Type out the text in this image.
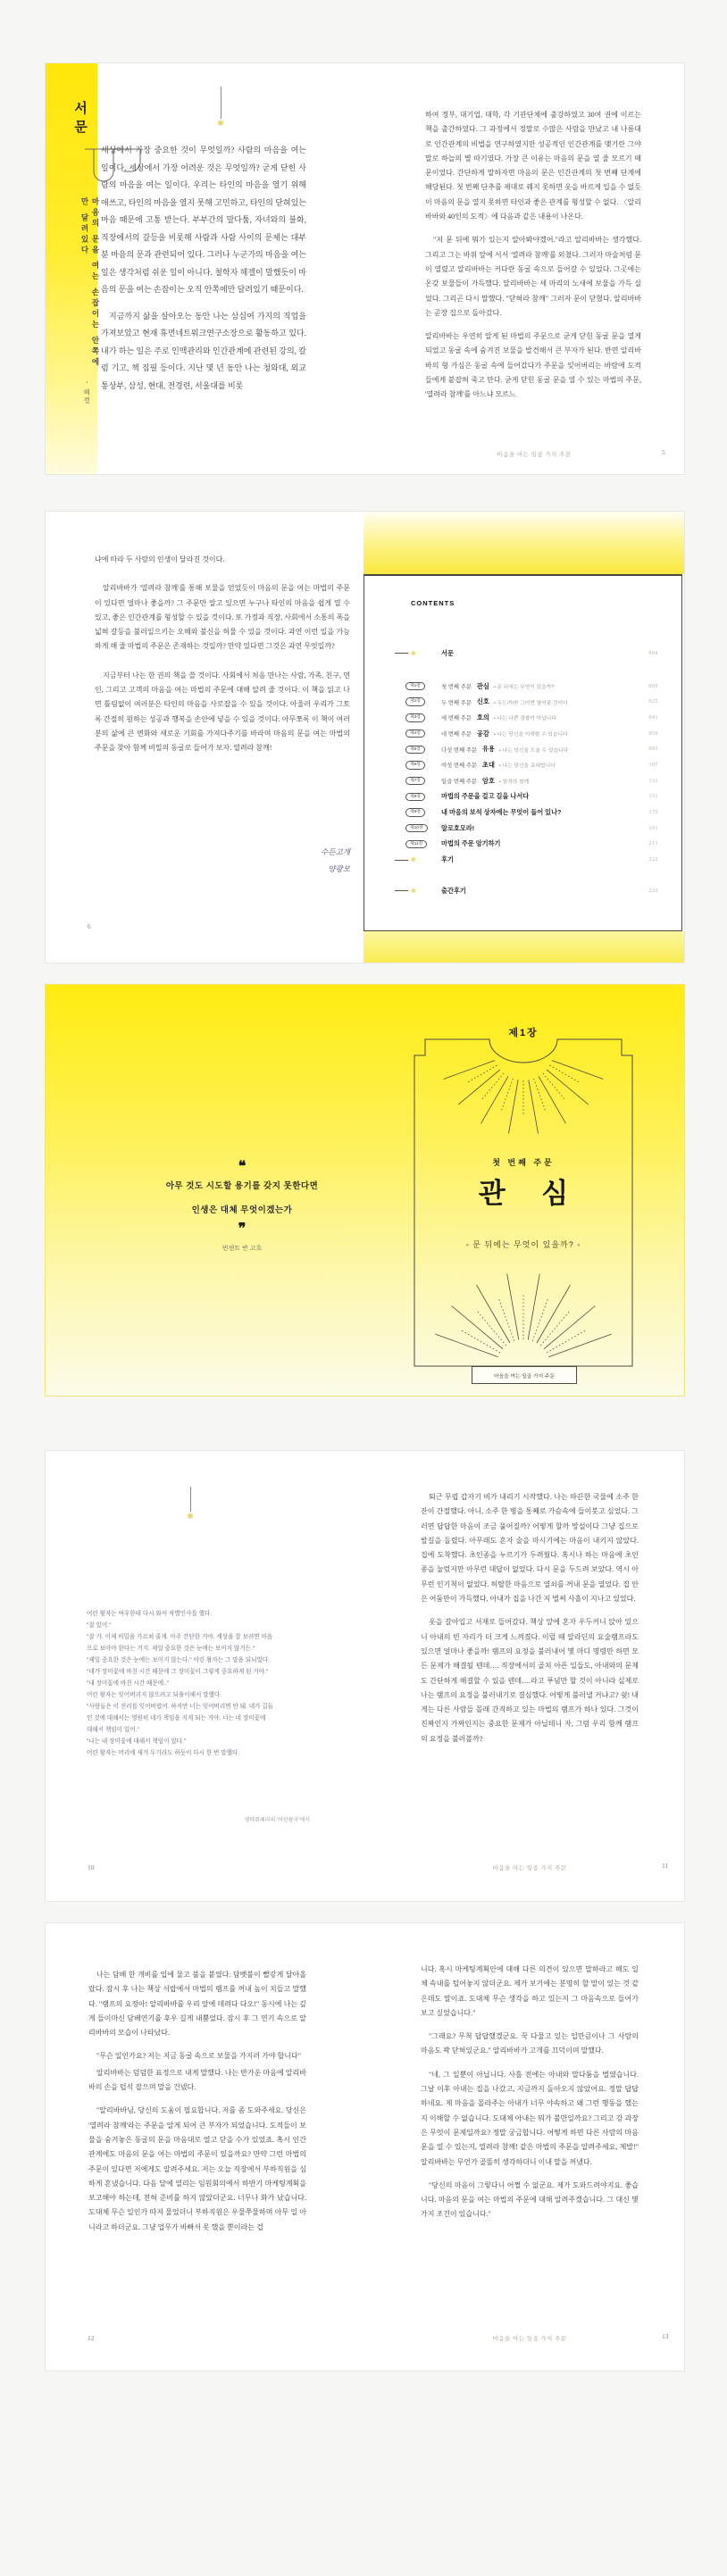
서문
마음의 문을 여는 손잡이는 안쪽에만 달려있다
- 헤겔
❋

세상에서 가장 중요한 것이 무엇일까? 사람의 마음을 여는 일이다. 세상에서 가장 어려운 것은 무엇일까? 굳게 닫힌 사람의 마음을 여는 일이다. 우리는 타인의 마음을 열기 위해 애쓰고, 타인의 마음을 열지 못해 고민하고, 타인의 닫혀있는 마음 때문에 고통 받는다. 부부간의 말다툼, 자녀와의 불화, 직장에서의 갈등을 비롯해 사람과 사람 사이의 문제는 대부분 마음의 문과 관련되어 있다. 그러나 누군가의 마음을 여는 일은 생각처럼 쉬운 일이 아니다. 철학자 헤겔이 말했듯이 마음의 문을 여는 손잡이는 오직 안쪽에만 달려있기 때문이다.

지금까지 삶을 살아오는 동안 나는 삼십여 가지의 직업을 가져보았고 현재 휴먼네트워크연구소장으로 활동하고 있다. 내가 하는 일은 주로 인맥관리와 인간관계에 관련된 강의, 칼럼 기고, 책 집필 등이다. 지난 몇 년 동안 나는 청와대, 외교통상부, 삼성, 현대, 전경련, 서울대를 비롯

하여 정부, 대기업, 대학, 각 기관단체에 출강하였고 30여 권에 이르는 책을 출간하였다. 그 과정에서 정말로 수많은 사람을 만났고 내 나름대로 인간관계의 비법을 연구하였지만 성공적인 인간관계를 맺기란 그야말로 하늘의 별 따기였다. 가장 큰 이유는 마음의 문을 열 줄 모르기 때문이었다. 간단하게 말하자면 마음의 문은 인간관계의 첫 번째 단계에 해당된다. 첫 번째 단추를 제대로 꿰지 못하면 옷을 바르게 입을 수 없듯이 마음의 문을 열지 못하면 타인과 좋은 관계를 형성할 수 없다. 〈알리바바와 40인의 도적〉에 다음과 같은 내용이 나온다.

"저 문 뒤에 뭐가 있는지 알아봐야겠어."라고 알리바바는 생각했다. 그리고 그는 바위 앞에 서서 '열려라 참깨'를 외쳤다. 그러자 마술처럼 문이 열렸고 알리바바는 커다란 동굴 속으로 들어갈 수 있었다. 그곳에는 온갖 보물들이 가득했다. 알리바바는 세 마리의 노새에 보물을 가득 실었다. 그리곤 다시 말했다. "닫혀라 참깨" 그러자 문이 닫혔다. 알리바바는 곧장 집으로 돌아갔다.

알리바바는 우연히 알게 된 마법의 주문으로 굳게 닫힌 동굴 문을 열게 되었고 동굴 속에 숨겨진 보물을 발견해서 큰 부자가 된다. 반면 알리바바의 형 카심은 동굴 속에 들어갔다가 주문을 잊어버리는 바람에 도적들에게 붙잡혀 죽고 만다. 굳게 닫힌 동굴 문을 열 수 있는 마법의 주문, '열려라 참깨'를 아느냐 모르느

마음을 여는 일곱 가지 주문	5

냐에 따라 두 사람의 인생이 달라진 것이다.

알리바바가 '열려라 참깨'를 통해 보물을 얻었듯이 마음의 문을 여는 마법의 주문이 있다면 얼마나 좋을까? 그 주문만 알고 있으면 누구나 타인의 마음을 쉽게 열 수 있고, 좋은 인간관계를 형성할 수 있을 것이다. 또 가정과 직장, 사회에서 소통의 폭을 넓혀 갈등을 불러일으키는 오해와 불신을 허물 수 있을 것이다. 과연 이런 일을 가능하게 해 줄 마법의 주문은 존재하는 것일까? 만약 있다면 그것은 과연 무엇일까?

지금부터 나는 한 권의 책을 쓸 것이다. 사회에서 처음 만나는 사람, 가족, 친구, 연인, 그리고 고객의 마음을 여는 마법의 주문에 대해 알려 줄 것이다. 이 책을 읽고 나면 틀림없이 여러분은 타인의 마음을 사로잡을 수 있을 것이다. 아울러 우리가 그토록 간절히 원하는 성공과 행복을 손안에 넣을 수 있을 것이다. 아무쪼록 이 책이 여러분의 삶에 큰 변화와 새로운 기회를 가져다주기를 바라며 마음의 문을 여는 마법의 주문을 찾아 함께 비밀의 동굴로 들어가 보자. 열려라 참깨!

수든고개
양광모
6
CONTENTS
❋	서문	004
제1장	첫 번째 주문 관심 • 문 뒤에는 무엇이 있을까?	009
제2장	두 번째 주문 신호 • 두드려라! 그러면 열어줄 것이다	025
제3장	세 번째 주문 호의 • 나는 나쁜 경찰이 아닙니다	041
제4장	네 번째 주문 공감 • 나는 당신을 이해할 수 있습니다	059
제5장	다섯 번째 주문 유용 • 나는 당신을 도울 수 있습니다	083
제6장	여섯 번째 주문 초대 • 나는 당신을 초대합니다	107
제7장	일곱 번째 주문 암호 • 열려라 참깨	131
제8장	마법의 주문을 걸고 길을 나서다	151
제9장	내 마음의 보석 상자에는 무엇이 들어 있나?	176
제10장	알로호모라!	191
제11장	마법의 주문 암기하기	213
❋	후기	222
❋	출간후기	226
❝
아무 것도 시도할 용기를 갖지 못한다면
인생은 대체 무엇이겠는가
❞
빈센트 반 고흐
제1장
첫 번째 주문
관 심
◦ 문 뒤에는 무엇이 있을까? ◦
마음을 여는 일곱 가지 주문
❋
어린 왕자는 여우한테 다시 와서 작별인사를 했다.
"잘 있어."
"잘 가. 이제 비밀을 가르쳐 줄게. 아주 간단한 거야. 세상을 잘 보려면 마음
으로 보아야 한다는 거지. 제일 중요한 것은 눈에는 보이지 않거든."
"제일 중요한 것은 눈에는 보이지 않는다." 어린 왕자는 그 말을 되뇌었다.
"네가 장미꽃에 바친 시간 때문에 그 장미꽃이 그렇게 중요하게 된 거야."
"내 장미꽃에 바친 시간 때문에.."
어린 왕자는 잊어버리지 않으려고 되풀이해서 말했다.
"사람들은 이 진리를 잊어버렸어. 하지만 너는 잊어버리면 안 돼. 네가 길들
인 것에 대해서는 영원히 네가 책임을 지게 되는 거야. 너는 네 장미꽃에
대해서 책임이 있어."
"나는 내 장미꽃에 대해서 책임이 있다."
어린 왕자는 머리에 새겨 두기라도 하듯이 다시 한 번 말했다.
생텍쥐페리의 '어린왕자'에서
10

퇴근 무렵 갑자기 비가 내리기 시작했다. 나는 따끈한 국물에 소주 한 잔이 간절했다. 아니, 소주 한 병을 통째로 가슴속에 들이붓고 싶었다. 그러면 답답한 마음이 조금 풀어질까? 어떻게 할까 망설이다 그냥 집으로 발길을 돌렸다. 아무래도 혼자 술을 마시기에는 마음이 내키지 않았다. 집에 도착했다. 초인종을 누르기가 두려웠다. 혹시나 하는 마음에 초인종을 눌렀지만 아무런 대답이 없었다. 다시 문을 두드려 보았다. 역시 아무런 인기척이 없었다. 허탈한 마음으로 열쇠를 꺼내 문을 열었다. 집 안은 어둠만이 가득했다. 아내가 집을 나간 지 벌써 사흘이 지나고 있었다.

옷을 갈아입고 서재로 들어갔다. 책상 앞에 혼자 우두커니 앉아 있으니 아내의 빈 자리가 더 크게 느껴졌다. 이럴 때 알라딘의 요술램프라도 있으면 얼마나 좋을까! 램프의 요정을 불러내어 몇 마디 명령만 하면 모든 문제가 해결될 텐데…. 직장에서의 골치 아픈 일들도, 아내와의 문제도 간단하게 해결할 수 있을 텐데….라고 푸념만 할 것이 아니라 실제로 나는 램프의 요정을 불러내기로 결심했다. 어떻게 불러낼 거냐고? 쉿! 내게는 다른 사람들 몰래 간직하고 있는 마법의 램프가 하나 있다. 그것이 진짜인지 가짜인지는 중요한 문제가 아닐테니 자, 그럼 우리 함께 램프의 요정을 불러볼까?

마음을 여는 일곱 가지 주문	11

나는 담배 한 개비를 입에 물고 불을 붙였다. 담뱃불이 빨갛게 달아올랐다. 잠시 후 나는 책상 서랍에서 마법의 램프를 꺼내 높이 치들고 말했다. "램프의 요정아! 알리바바를 우리 앞에 데려다 다오!" 동시에 나는 깊게 들이마신 담배연기를 후우 길게 내뿜었다. 잠시 후 그 연기 속으로 알리바바의 모습이 나타났다.

"무슨 일인가요? 저는 지금 동굴 속으로 보물을 가지러 가야 합니다"

알리바바는 덤덤한 표정으로 내게 말했다. 나는 반가운 마음에 알리바바의 손을 덥석 잡으며 말을 건넸다.

"알리바바님, 당신의 도움이 필요합니다. 저를 좀 도와주세요. 당신은 '열려라 참깨'라는 주문을 알게 되어 큰 부자가 되었습니다. 도적들이 보물을 숨겨놓은 동굴의 문을 마음대로 열고 닫을 수가 있었죠. 혹시 인간관계에도 마음의 문을 여는 마법의 주문이 있을까요? 만약 그런 마법의 주문이 있다면 저에게도 알려주세요. 저는 오늘 직장에서 부하직원을 심하게 혼냈습니다. 다음 달에 열리는 임원회의에서 하반기 마케팅계획을 보고해야 하는데, 전혀 준비를 하지 않았더군요. 너무나 화가 났습니다. 도대체 무슨 일인가 따져 물었더니 부하직원은 우물쭈물하며 아무 일 아니라고 하더군요. 그냥 업무가 바빠서 못 했을 뿐이라는 겁

12

니다. 혹시 마케팅계획안에 대해 다른 의견이 있으면 말하라고 해도 일체 속내를 털어놓지 않더군요. 제가 보기에는 분명히 할 말이 있는 것 같은데도 말이죠. 도대체 무슨 생각을 하고 있는지 그 마음속으로 들어가 보고 싶었습니다."

"그래요? 무척 답답했겠군요. 꾹 다물고 있는 입만큼이나 그 사람의 마음도 꽉 닫혀있군요." 알리바바가 고개를 끄덕이며 말했다.

"네, 그 일뿐이 아닙니다. 사흘 전에는 아내와 말다툼을 벌였습니다. 그날 이후 아내는 집을 나갔고, 지금까지 돌아오지 않았어요. 정말 답답하네요. 제 마음을 몰라주는 아내가 너무 야속하고 왜 그런 행동을 했는지 이해할 수 없습니다. 도대체 아내는 뭐가 불만일까요? 그리고 강 과장은 무엇이 문제일까요? 정말 궁금합니다. 어떻게 하면 다른 사람의 마음 문을 열 수 있는지, 열려라 참깨! 같은 마법의 주문을 알려주세요, 제발!" 알리바바는 무언가 골똘히 생각하더니 이내 말을 꺼냈다.

"당신의 마음이 그렇다니 어쩔 수 없군요. 제가 도와드려야지요. 좋습니다. 마음의 문을 여는 마법의 주문에 대해 알려주겠습니다. 그 대신 몇 가지 조건이 있습니다."

마음을 여는 일곱 가지 주문	13
